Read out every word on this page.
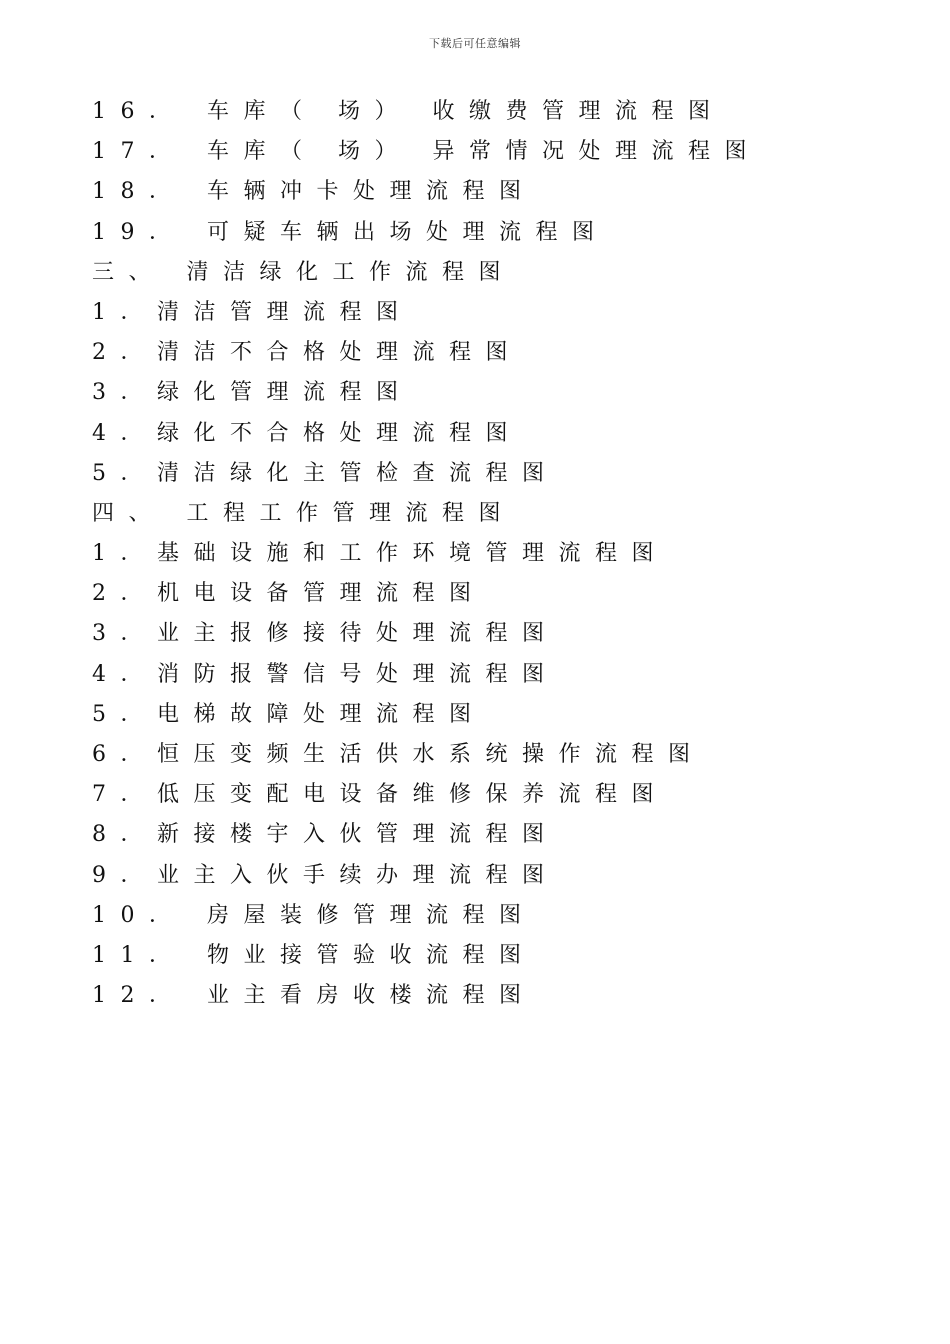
下载后可任意编辑
16． 车库（ 场） 收缴费管理流程图
17． 车库（ 场） 异常情况处理流程图
18． 车辆冲卡处理流程图
19． 可疑车辆出场处理流程图
三、 清洁绿化工作流程图
1．清洁管理流程图
2．清洁不合格处理流程图
3．绿化管理流程图
4．绿化不合格处理流程图
5．清洁绿化主管检查流程图
四、 工程工作管理流程图
1．基础设施和工作环境管理流程图
2．机电设备管理流程图
3．业主报修接待处理流程图
4．消防报警信号处理流程图
5．电梯故障处理流程图
6．恒压变频生活供水系统操作流程图
7．低压变配电设备维修保养流程图
8．新接楼宇入伙管理流程图
9．业主入伙手续办理流程图
10． 房屋装修管理流程图
11． 物业接管验收流程图
12． 业主看房收楼流程图
